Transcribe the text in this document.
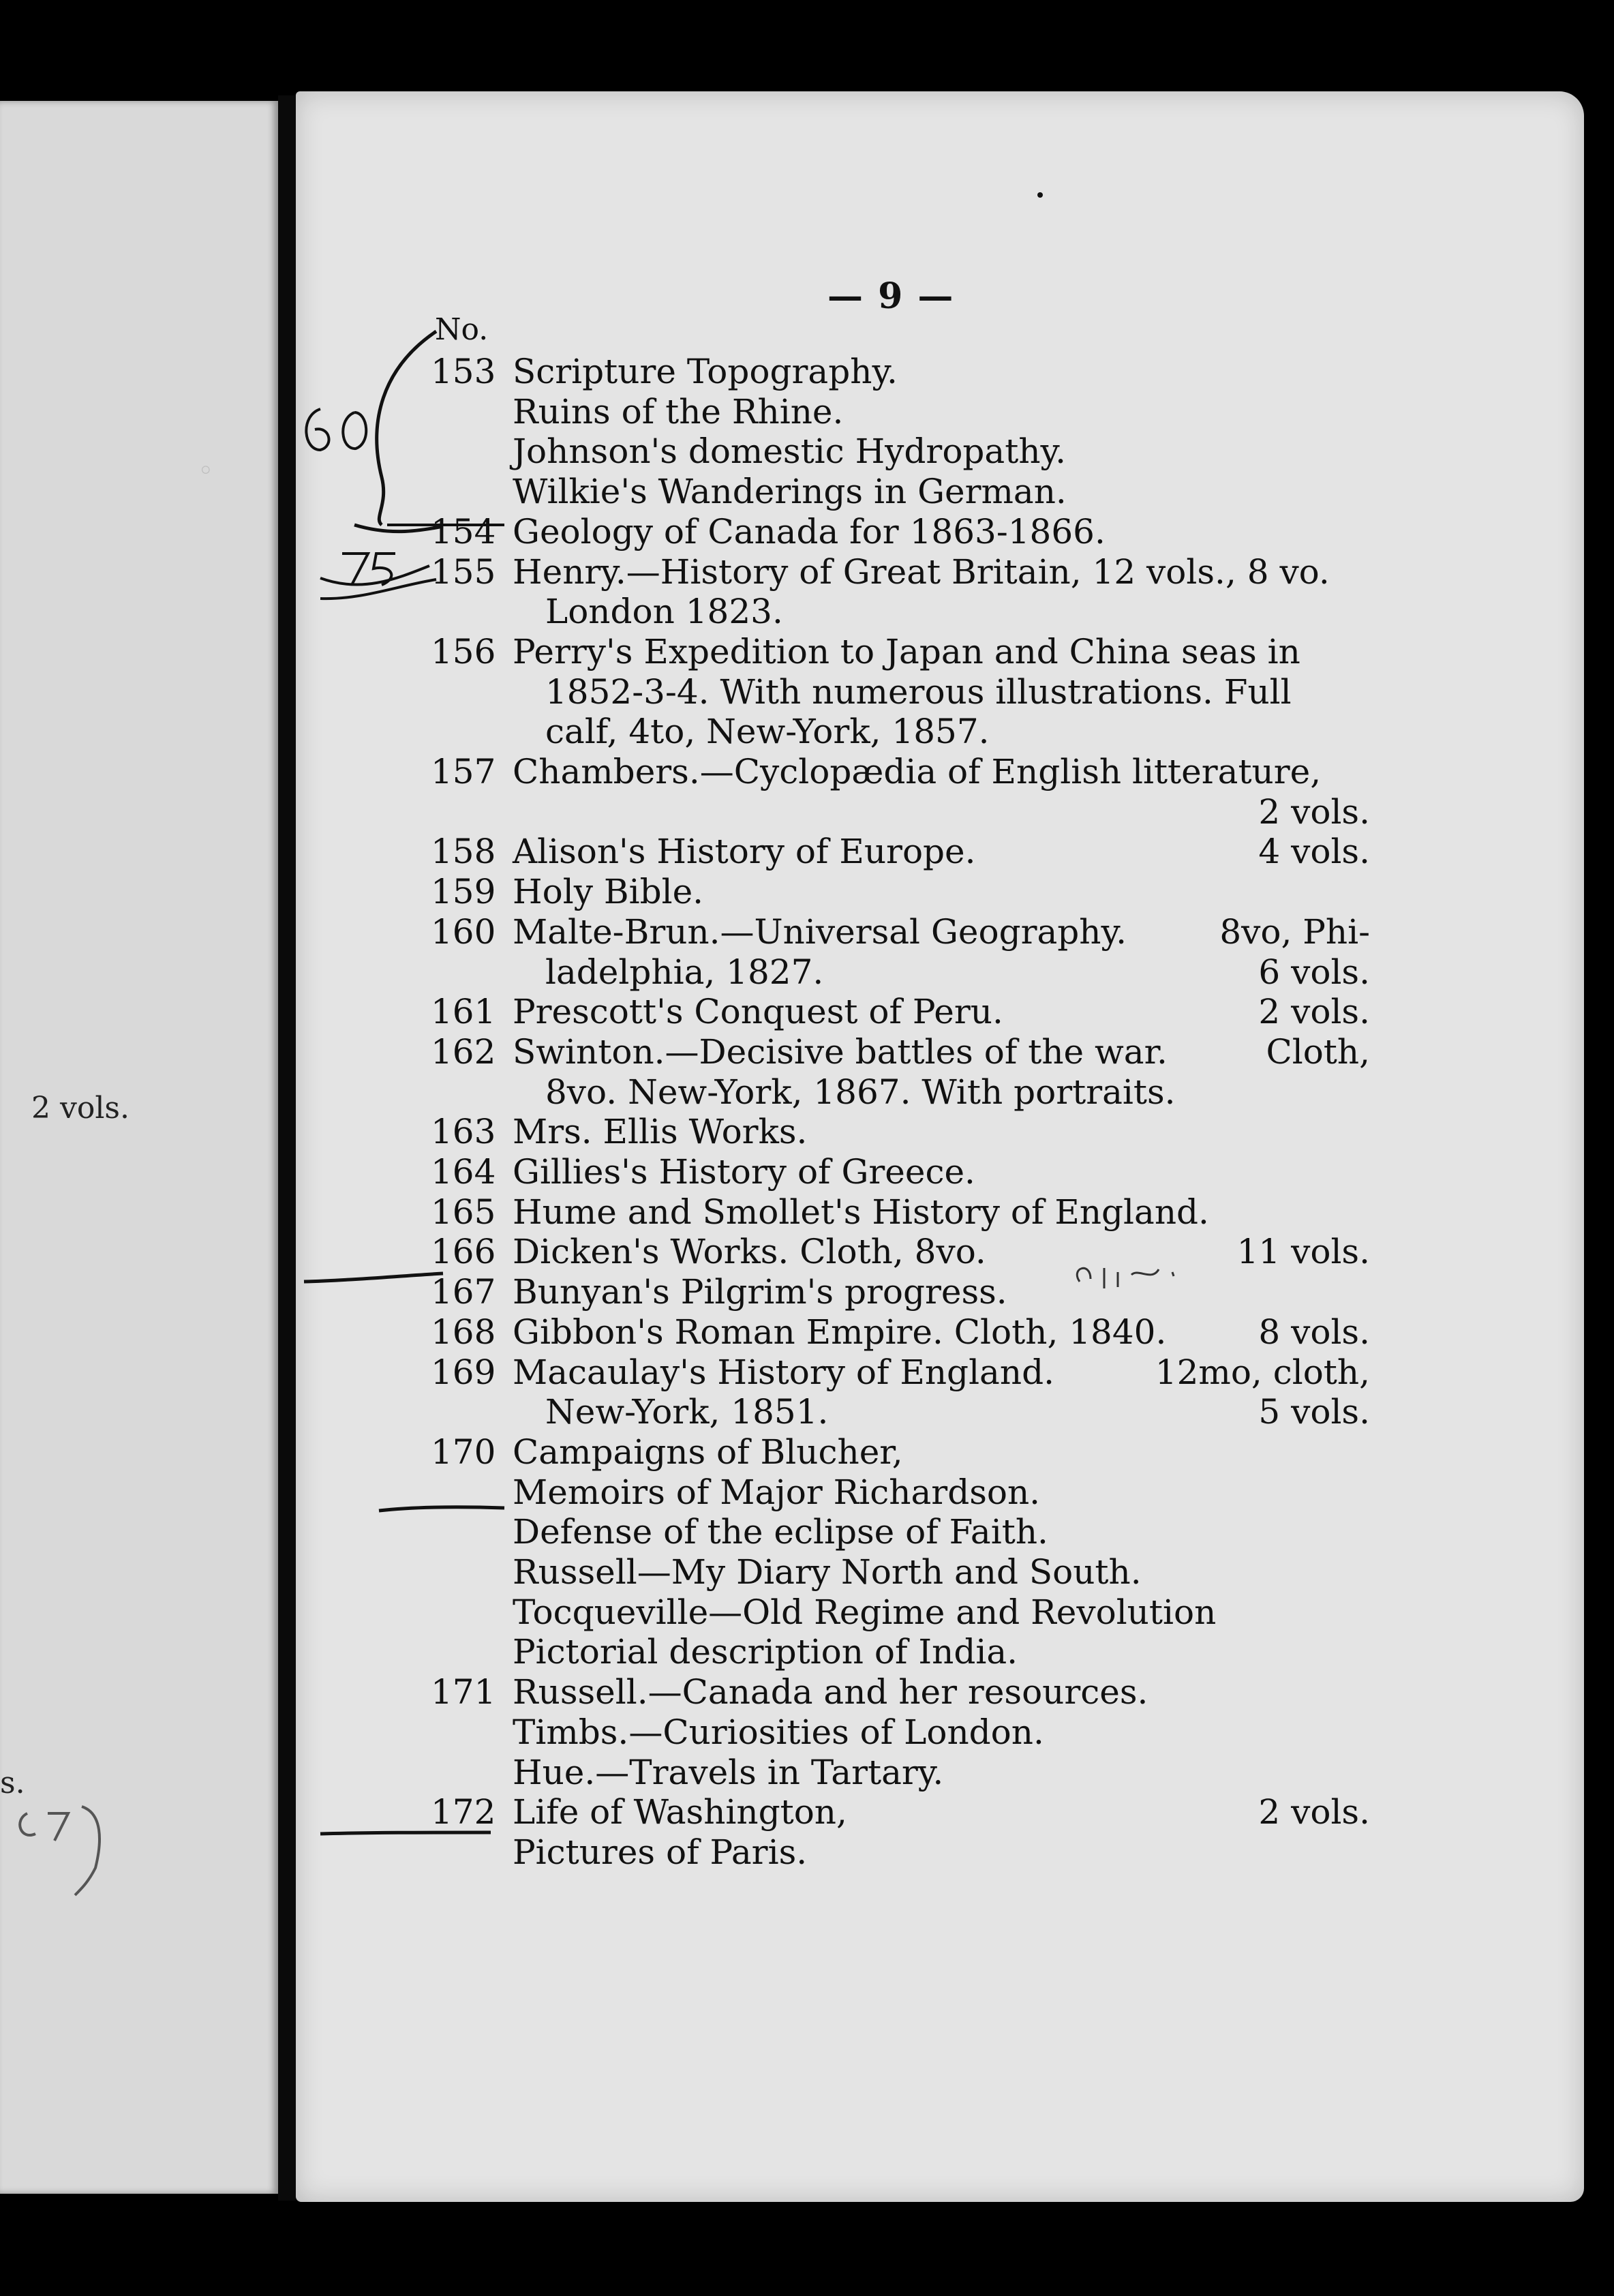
◦
2 vols.
s.
— 9 —
No.
153 Scripture Topography.
Ruins of the Rhine.
Johnson's domestic Hydropathy.
Wilkie's Wanderings in German.
154 Geology of Canada for 1863-1866.
155 Henry.—History of Great Britain, 12 vols., 8 vo.
London 1823.
156 Perry's Expedition to Japan and China seas in
1852-3-4. With numerous illustrations. Full
calf, 4to, New-York, 1857.
157 Chambers.—Cyclopædia of English litterature,
2 vols.
158 Alison's History of Europe.	4 vols.
159 Holy Bible.
160 Malte-Brun.—Universal Geography.	8vo, Phi-
ladelphia, 1827.	6 vols.
161 Prescott's Conquest of Peru.	2 vols.
162 Swinton.—Decisive battles of the war.	Cloth,
8vo. New-York, 1867. With portraits.
163 Mrs. Ellis Works.
164 Gillies's History of Greece.
165 Hume and Smollet's History of England.
166 Dicken's Works. Cloth, 8vo.	11 vols.
167 Bunyan's Pilgrim's progress.
168 Gibbon's Roman Empire. Cloth, 1840.	8 vols.
169 Macaulay's History of England.	12mo, cloth,
New-York, 1851.	5 vols.
170 Campaigns of Blucher,
Memoirs of Major Richardson.
Defense of the eclipse of Faith.
Russell—My Diary North and South.
Tocqueville—Old Regime and Revolution
Pictorial description of India.
171 Russell.—Canada and her resources.
Timbs.—Curiosities of London.
Hue.—Travels in Tartary.
172 Life of Washington,	2 vols.
Pictures of Paris.
